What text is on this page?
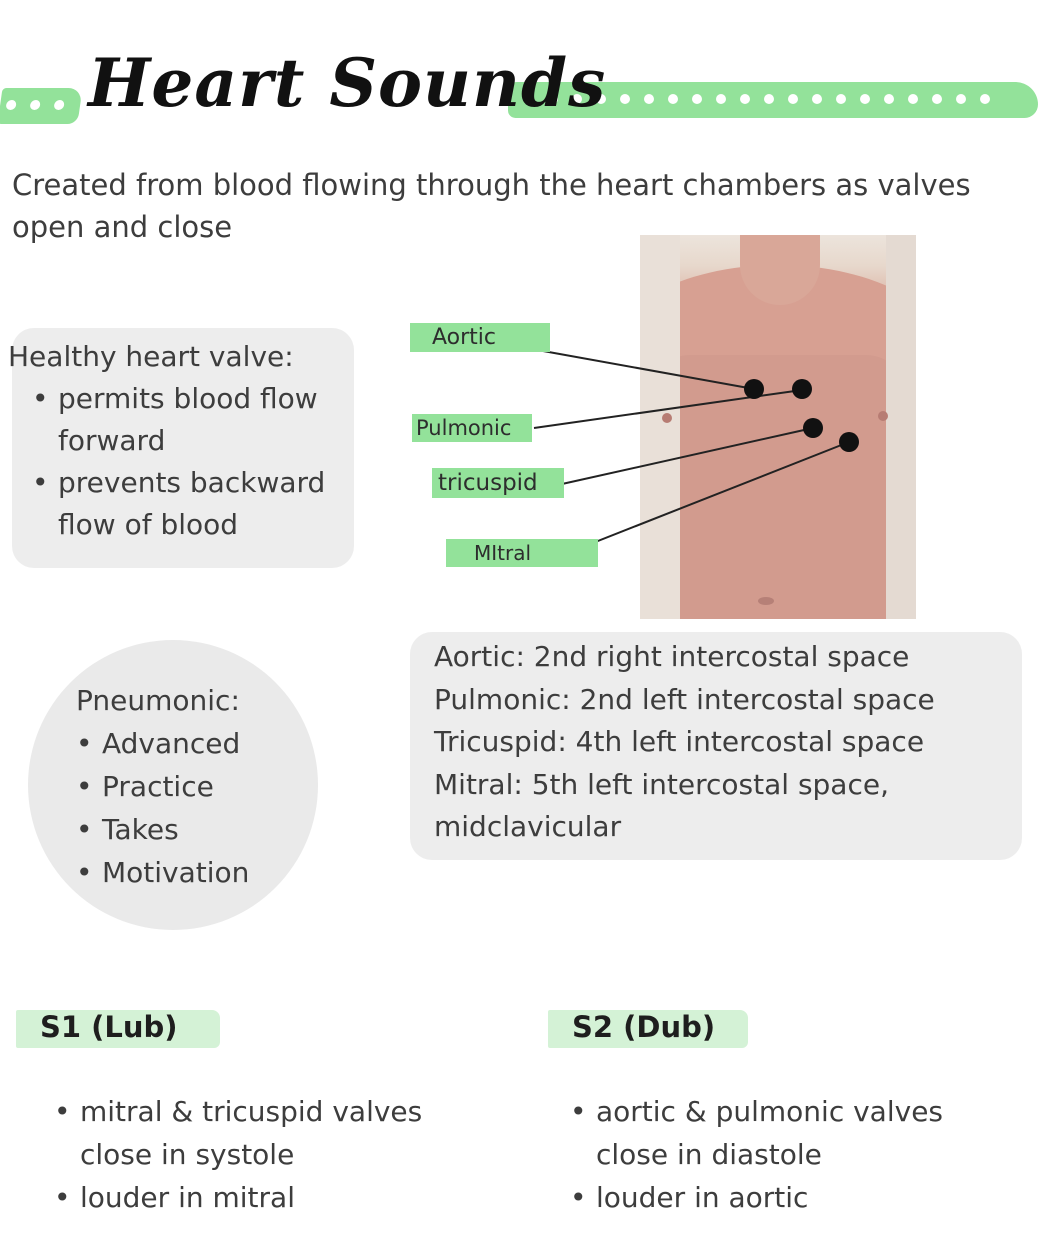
Heart Sounds
Created from blood flowing through the heart chambers as valves open and close
Healthy heart valve:
• permits blood flow forward
• prevents backward flow of blood
Aortic
Pulmonic
tricuspid
MItral
Pneumonic:
• Advanced
• Practice
• Takes
• Motivation
Aortic: 2nd right intercostal space
Pulmonic: 2nd left intercostal space
Tricuspid: 4th left intercostal space
Mitral: 5th left intercostal space,
midclavicular
S1 (Lub)
• mitral & tricuspid valves close in systole
• louder in mitral
S2 (Dub)
• aortic & pulmonic valves close in diastole
• louder in aortic
